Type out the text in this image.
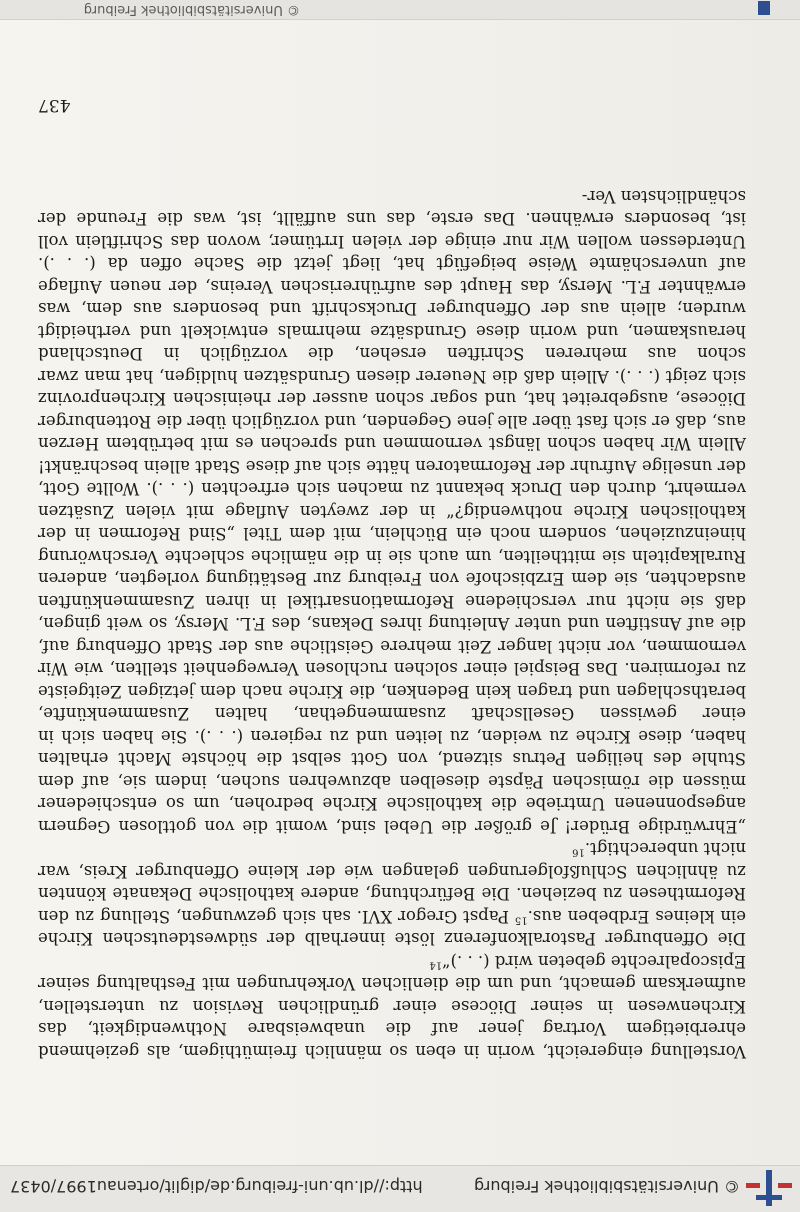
© Universitätsbibliothek Freiburg
http://dl.ub.uni-freiburg.de/diglit/ortenau1997/0437

Vorstellung eingereicht, worin in eben so männlich freimüthigem, als geziehmend ehrerbietigem Vortrag jener auf die unabweisbare Nothwendigkeit, das Kirchenwesen in seiner Diöcese einer gründlichen Revision zu unterstellen, aufmerksam gemacht, und um die dienlichen Vorkehrungen mit Festhaltung seiner Episcopalrechte gebeten wird (. . .)“$^{14}$

Die Offenburger Pastoralkonferenz löste innerhalb der südwestdeutschen Kirche ein kleines Erdbeben aus.$^{15}$ Papst Gregor XVI. sah sich gezwungen, Stellung zu den Reformthesen zu beziehen. Die Befürchtung, andere katholische Dekanate könnten zu ähnlichen Schlußfolgerungen gelangen wie der kleine Offenburger Kreis, war nicht unberechtigt.$^{16}$

„Ehrwürdige Brüder! Je größer die Uebel sind, womit die von gottlosen Gegnern angesponnenen Umtriebe die katholische Kirche bedrohen, um so entschiedener müssen die römischen Päpste dieselben abzuwehren suchen, indem sie, auf dem Stuhle des heiligen Petrus sitzend, von Gott selbst die höchste Macht erhalten haben, diese Kirche zu weiden, zu leiten und zu regieren (. . .). Sie haben sich in einer gewissen Gesellschaft zusammengethan, halten Zusammenkünfte, berathschlagen und tragen kein Bedenken, die Kirche nach dem jetzigen Zeitgeiste zu reformiren. Das Beispiel einer solchen ruchlosen Verwegenheit stellten, wie Wir vernommen, vor nicht langer Zeit mehrere Geistliche aus der Stadt Offenburg auf, die auf Anstiften und unter Anleitung ihres Dekans, des F.L. Mersy, so weit gingen, daß sie nicht nur verschiedene Reformationsartikel in ihren Zusammenkünften ausdachten, sie dem Erzbischofe von Freiburg zur Bestätigung vorlegten, anderen Ruralkapiteln sie mittheilten, um auch sie in die nämliche schlechte Verschwörung hineinzuziehen, sondern noch ein Büchlein, mit dem Titel „Sind Reformen in der katholischen Kirche nothwendig?“ in der zweyten Auflage mit vielen Zusätzen vermehrt, durch den Druck bekannt zu machen sich erfrechten (. . .). Wollte Gott, der unselige Aufruhr der Reformatoren hätte sich auf diese Stadt allein beschränkt! Allein Wir haben schon längst vernommen und sprechen es mit betrübtem Herzen aus, daß er sich fast über alle jene Gegenden, und vorzüglich über die Rottenburger Diöcese, ausgebreitet hat, und sogar schon ausser der rheinischen Kirchenprovinz sich zeigt (. . .). Allein daß die Neuerer diesen Grundsätzen huldigen, hat man zwar schon aus mehreren Schriften ersehen, die vorzüglich in Deutschland herauskamen, und worin diese Grundsätze mehrmals entwickelt und vertheidigt wurden; allein aus der Offenburger Druckschrift und besonders aus dem, was erwähnter F.L. Mersy, das Haupt des aufrührerischen Vereins, der neuen Auflage auf unverschämte Weise beigefügt hat, liegt jetzt die Sache offen da (. . .). Unterdessen wollen Wir nur einige der vielen Irrtümer, wovon das Schriftlein voll ist, besonders erwähnen. Das erste, das uns auffällt, ist, was die Freunde der schändlichsten Ver-

437
© Universitätsbibliothek Freiburg
